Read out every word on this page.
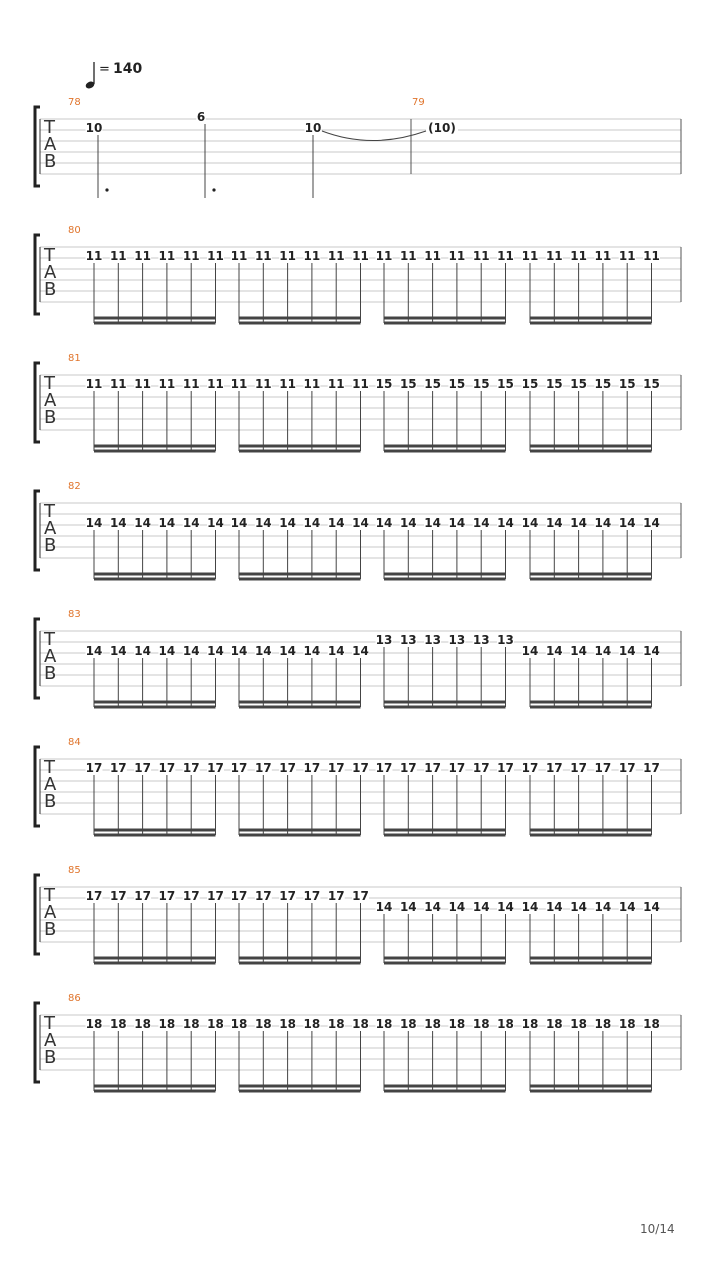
= 140
T
A
B
10
6
10	(10)
T
A
B
11 11 11 11 11 11 11 11 11 11 11 11 11 11 11 11 11 11 11 11 11 11 11 11
T
A
B
11 11 11 11 11 11 11 11 11 11 11 11 15 15 15 15 15 15 15 15 15 15 15 15
T
A
B
14 14 14 14 14 14 14 14 14 14 14 14 14 14 14 14 14 14 14 14 14 14 14 14
T
A
B
14 14 14 14 14 14 14 14 14 14 14 14
13 13 13 13 13 13
14 14 14 14 14 14
T
A
B
17 17 17 17 17 17 17 17 17 17 17 17 17 17 17 17 17 17 17 17 17 17 17 17
T
A
B
17 17 17 17 17 17 17 17 17 17 17 17
14 14 14 14 14 14 14 14 14 14 14 14
T
A
B
18 18 18 18 18 18 18 18 18 18 18 18 18 18 18 18 18 18 18 18 18 18 18 18
10/14
78	79
80
81
82
83
84
85
86
